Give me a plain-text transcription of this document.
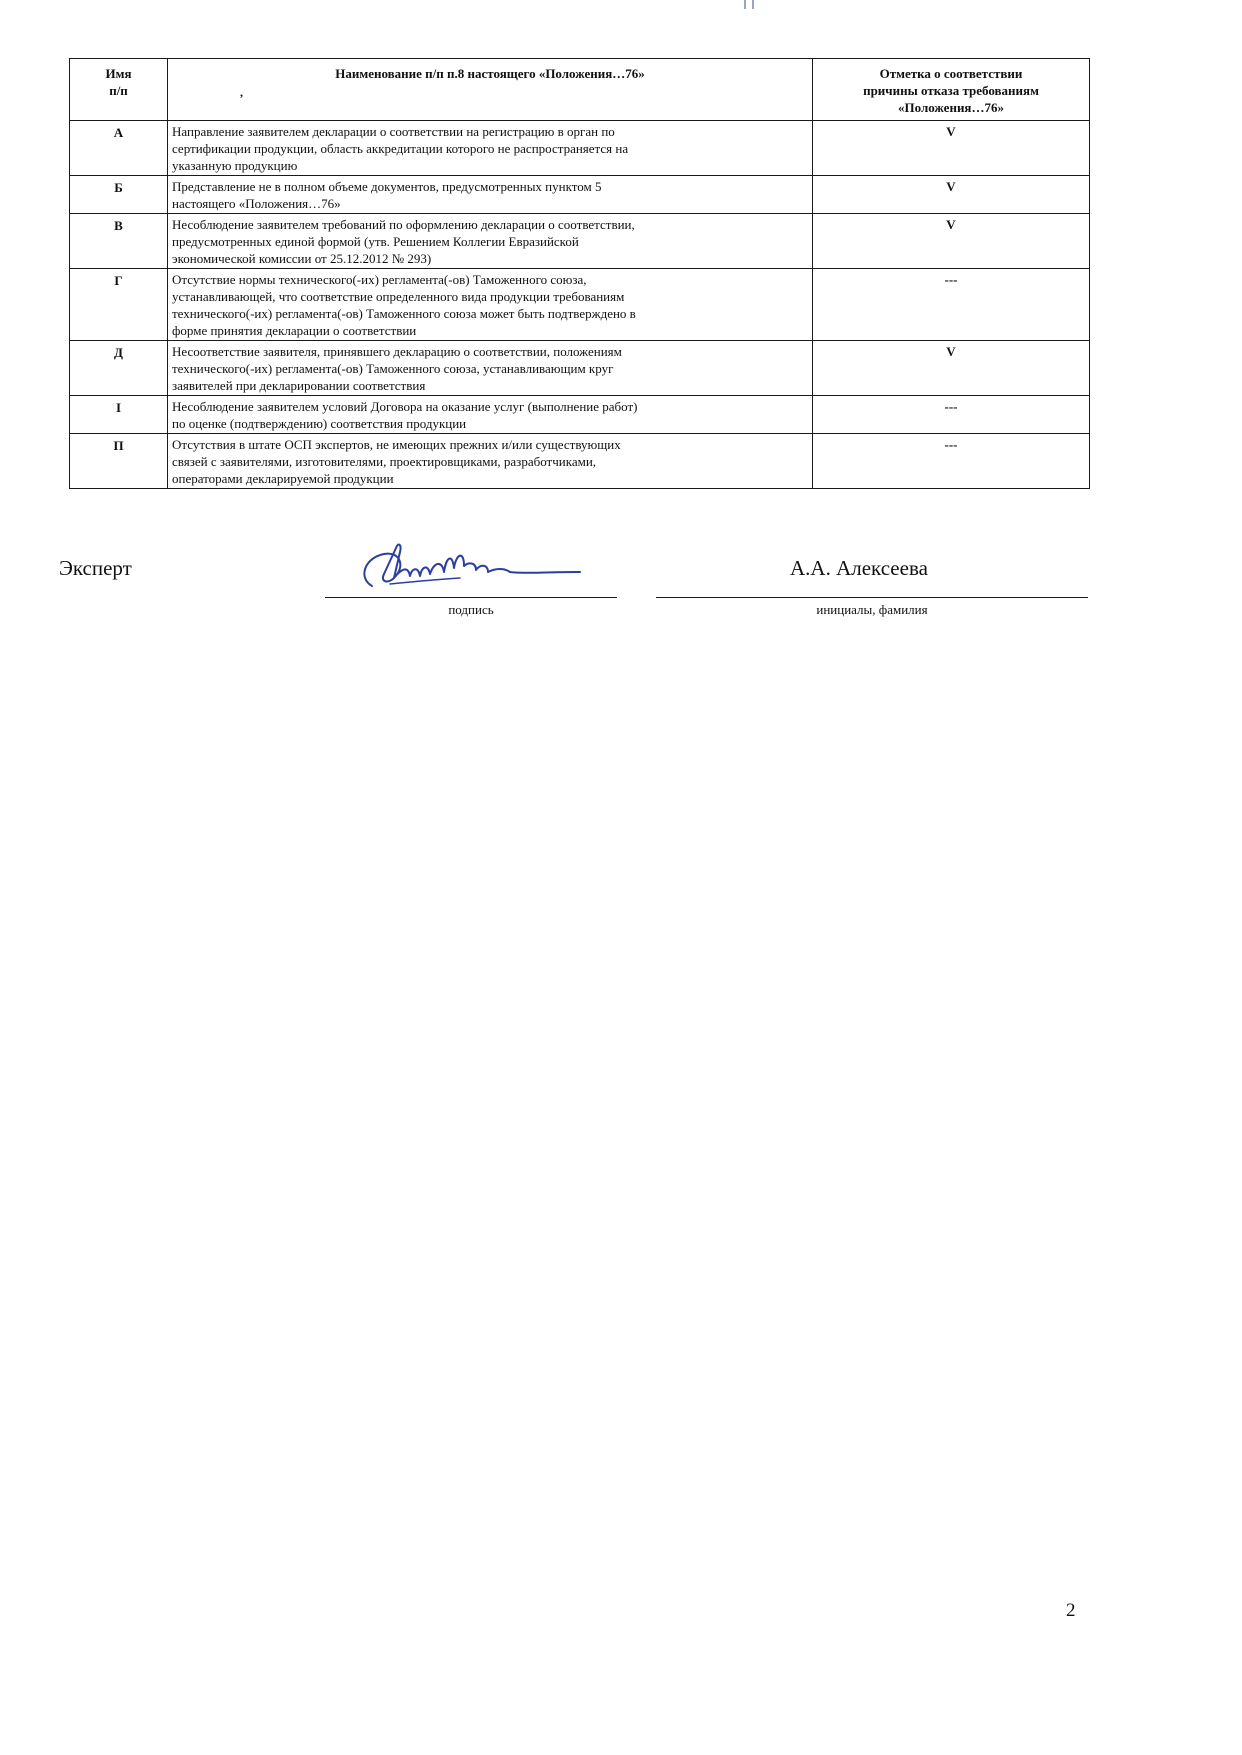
Имя
п/п	Наименование п/п п.8 настоящего «Положения…76»	Отметка о соответствии
причины отказа требованиям
«Положения…76»
А	Направление заявителем декларации о соответствии на регистрацию в орган по
сертификации продукции, область аккредитации которого не распространяется на
указанную продукцию	V
Б	Представление не в полном объеме документов, предусмотренных пунктом 5
настоящего «Положения…76»	V
В	Несоблюдение заявителем требований по оформлению декларации о соответствии,
предусмотренных единой формой (утв. Решением Коллегии Евразийской
экономической комиссии от 25.12.2012 № 293)	V
Г	Отсутствие нормы технического(-их) регламента(-ов) Таможенного союза,
устанавливающей, что соответствие определенного вида продукции требованиям
технического(-их) регламента(-ов) Таможенного союза может быть подтверждено в
форме принятия декларации о соответствии	---
Д	Несоответствие заявителя, принявшего декларацию о соответствии, положениям
технического(-их) регламента(-ов) Таможенного союза, устанавливающим круг
заявителей при декларировании соответствия	V
I	Несоблюдение заявителем условий Договора на оказание услуг (выполнение работ)
по оценке (подтверждению) соответствия продукции	---
П	Отсутствия в штате ОСП экспертов, не имеющих прежних и/или существующих
связей с заявителями, изготовителями, проектировщиками, разработчиками,
операторами декларируемой продукции	---
,
Эксперт
подпись
А.А. Алексеева
инициалы, фамилия
2
